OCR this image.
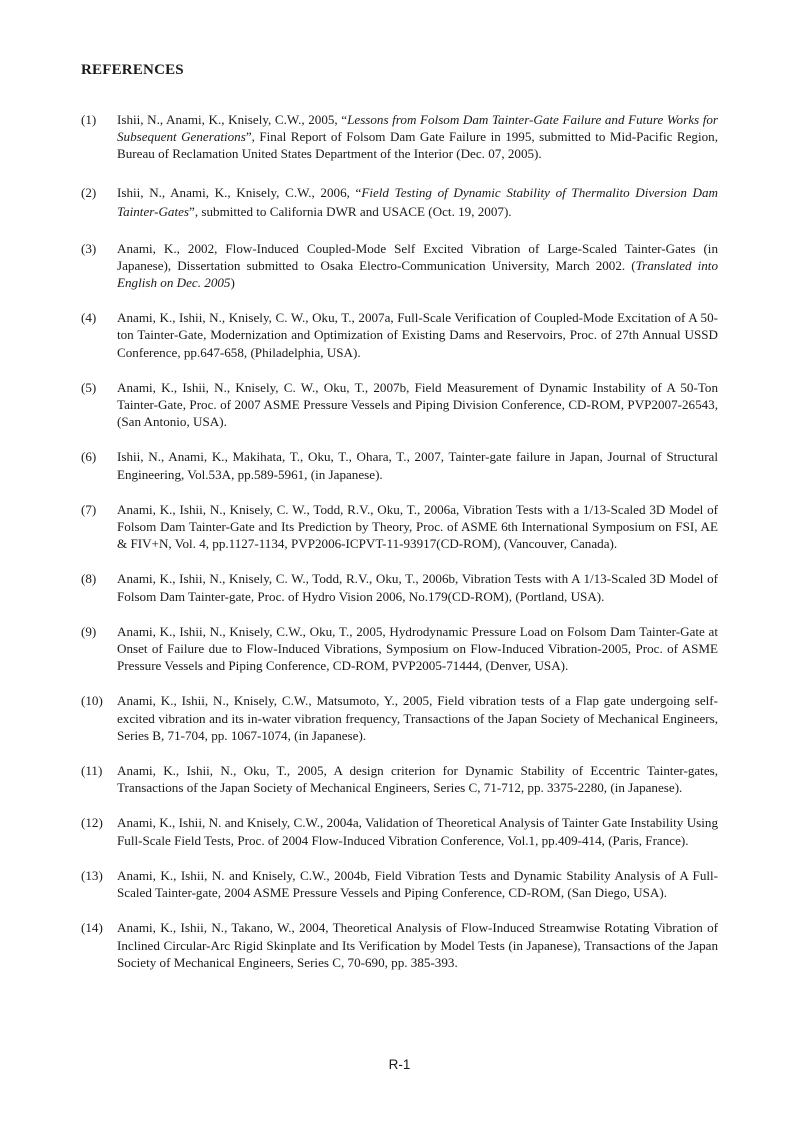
REFERENCES
(1) Ishii, N., Anami, K., Knisely, C.W., 2005, “Lessons from Folsom Dam Tainter-Gate Failure and Future Works for Subsequent Generations”, Final Report of Folsom Dam Gate Failure in 1995, submitted to Mid-Pacific Region, Bureau of Reclamation United States Department of the Interior (Dec. 07, 2005).
(2) Ishii, N., Anami, K., Knisely, C.W., 2006, “Field Testing of Dynamic Stability of Thermalito Diversion Dam Tainter-Gates”, submitted to California DWR and USACE (Oct. 19, 2007).
(3) Anami, K., 2002, Flow-Induced Coupled-Mode Self Excited Vibration of Large-Scaled Tainter-Gates (in Japanese), Dissertation submitted to Osaka Electro-Communication University, March 2002. (Translated into English on Dec. 2005)
(4) Anami, K., Ishii, N., Knisely, C. W., Oku, T., 2007a, Full-Scale Verification of Coupled-Mode Excitation of A 50-ton Tainter-Gate, Modernization and Optimization of Existing Dams and Reservoirs, Proc. of 27th Annual USSD Conference, pp.647-658, (Philadelphia, USA).
(5) Anami, K., Ishii, N., Knisely, C. W., Oku, T., 2007b, Field Measurement of Dynamic Instability of A 50-Ton Tainter-Gate, Proc. of 2007 ASME Pressure Vessels and Piping Division Conference, CD-ROM, PVP2007-26543, (San Antonio, USA).
(6) Ishii, N., Anami, K., Makihata, T., Oku, T., Ohara, T., 2007, Tainter-gate failure in Japan, Journal of Structural Engineering, Vol.53A, pp.589-5961, (in Japanese).
(7) Anami, K., Ishii, N., Knisely, C. W., Todd, R.V., Oku, T., 2006a, Vibration Tests with a 1/13-Scaled 3D Model of Folsom Dam Tainter-Gate and Its Prediction by Theory, Proc. of ASME 6th International Symposium on FSI, AE & FIV+N, Vol. 4, pp.1127-1134, PVP2006-ICPVT-11-93917(CD-ROM), (Vancouver, Canada).
(8) Anami, K., Ishii, N., Knisely, C. W., Todd, R.V., Oku, T., 2006b, Vibration Tests with A 1/13-Scaled 3D Model of Folsom Dam Tainter-gate, Proc. of Hydro Vision 2006, No.179(CD-ROM), (Portland, USA).
(9) Anami, K., Ishii, N., Knisely, C.W., Oku, T., 2005, Hydrodynamic Pressure Load on Folsom Dam Tainter-Gate at Onset of Failure due to Flow-Induced Vibrations, Symposium on Flow-Induced Vibration-2005, Proc. of ASME Pressure Vessels and Piping Conference, CD-ROM, PVP2005-71444, (Denver, USA).
(10) Anami, K., Ishii, N., Knisely, C.W., Matsumoto, Y., 2005, Field vibration tests of a Flap gate undergoing self-excited vibration and its in-water vibration frequency, Transactions of the Japan Society of Mechanical Engineers, Series B, 71-704, pp. 1067-1074, (in Japanese).
(11) Anami, K., Ishii, N., Oku, T., 2005, A design criterion for Dynamic Stability of Eccentric Tainter-gates, Transactions of the Japan Society of Mechanical Engineers, Series C, 71-712, pp. 3375-2280, (in Japanese).
(12) Anami, K., Ishii, N. and Knisely, C.W., 2004a, Validation of Theoretical Analysis of Tainter Gate Instability Using Full-Scale Field Tests, Proc. of 2004 Flow-Induced Vibration Conference, Vol.1, pp.409-414, (Paris, France).
(13) Anami, K., Ishii, N. and Knisely, C.W., 2004b, Field Vibration Tests and Dynamic Stability Analysis of A Full-Scaled Tainter-gate, 2004 ASME Pressure Vessels and Piping Conference, CD-ROM, (San Diego, USA).
(14) Anami, K., Ishii, N., Takano, W., 2004, Theoretical Analysis of Flow-Induced Streamwise Rotating Vibration of Inclined Circular-Arc Rigid Skinplate and Its Verification by Model Tests (in Japanese), Transactions of the Japan Society of Mechanical Engineers, Series C, 70-690, pp. 385-393.
R-1
